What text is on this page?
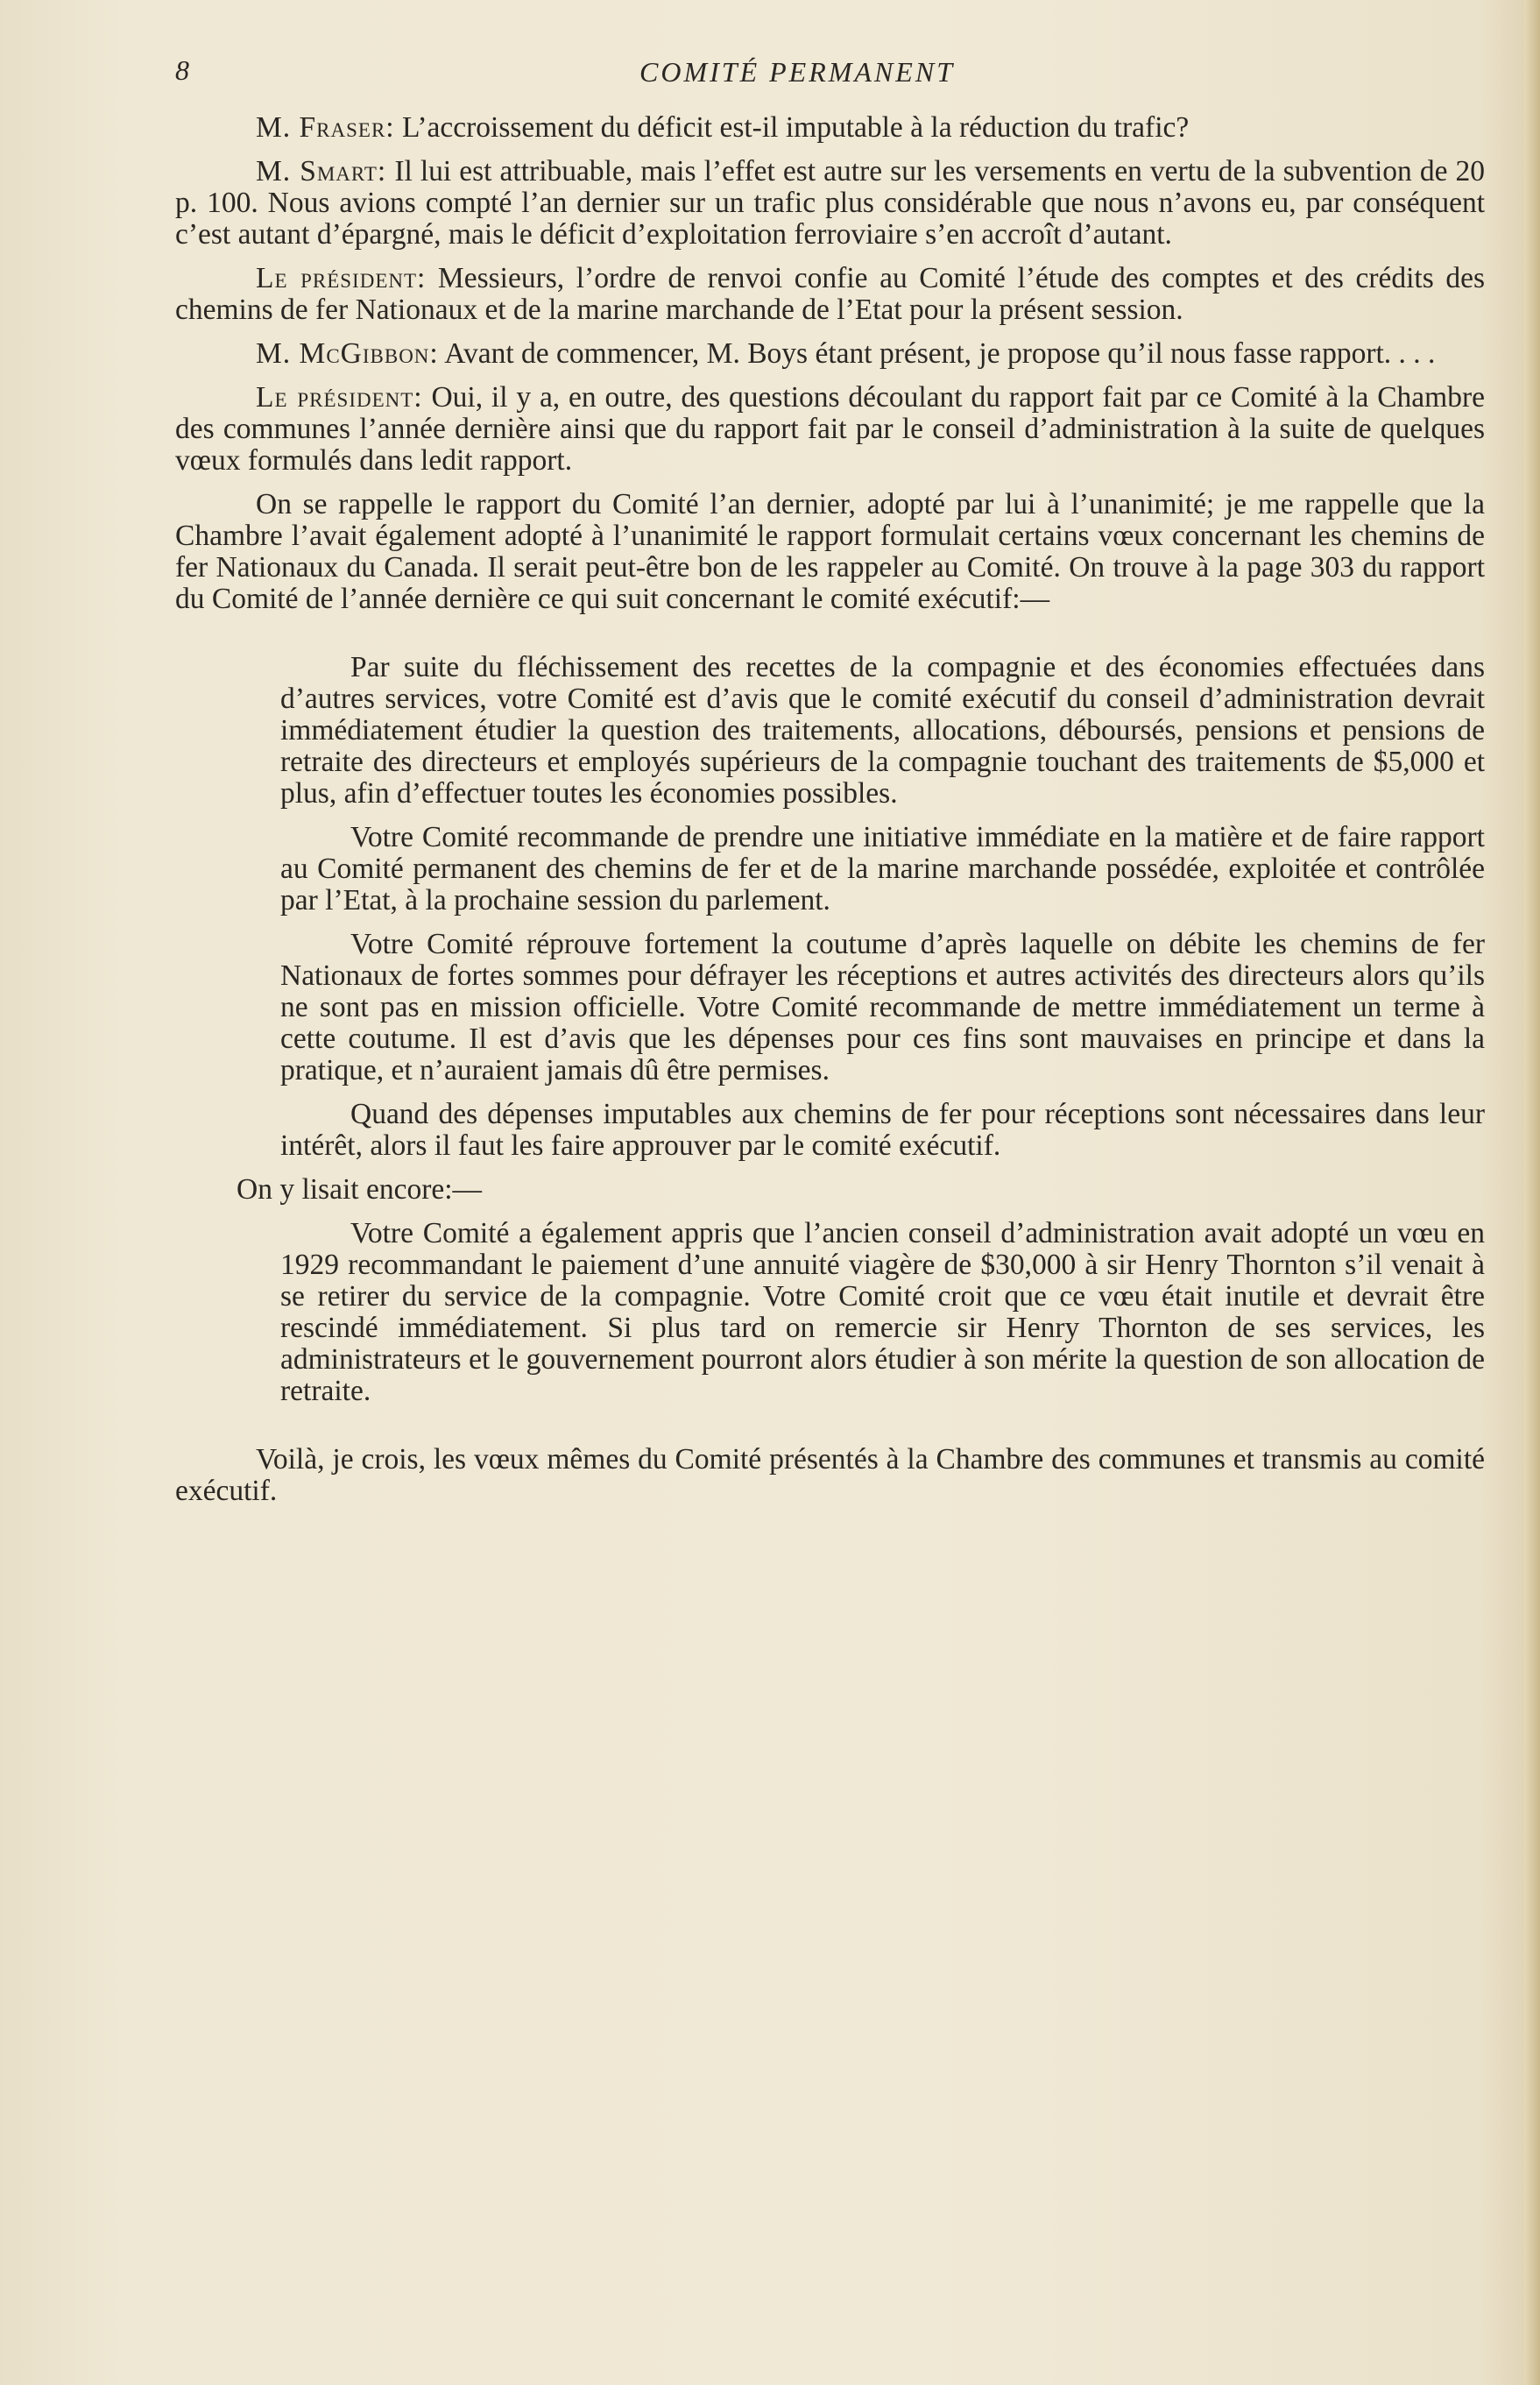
8	COMITÉ PERMANENT

M. Fraser: L’accroissement du déficit est-il imputable à la réduction du trafic?

M. Smart: Il lui est attribuable, mais l’effet est autre sur les versements en vertu de la subvention de 20 p. 100. Nous avions compté l’an dernier sur un trafic plus considérable que nous n’avons eu, par conséquent c’est autant d’épargné, mais le déficit d’exploitation ferroviaire s’en accroît d’autant.

Le président: Messieurs, l’ordre de renvoi confie au Comité l’étude des comptes et des crédits des chemins de fer Nationaux et de la marine marchande de l’Etat pour la présent session.

M. McGibbon: Avant de commencer, M. Boys étant présent, je propose qu’il nous fasse rapport. . . .

Le président: Oui, il y a, en outre, des questions découlant du rapport fait par ce Comité à la Chambre des communes l’année dernière ainsi que du rapport fait par le conseil d’administration à la suite de quelques vœux formulés dans ledit rapport.

On se rappelle le rapport du Comité l’an dernier, adopté par lui à l’unanimité; je me rappelle que la Chambre l’avait également adopté à l’unanimité le rapport formulait certains vœux concernant les chemins de fer Nationaux du Canada. Il serait peut-être bon de les rappeler au Comité. On trouve à la page 303 du rapport du Comité de l’année dernière ce qui suit concernant le comité exécutif:—

Par suite du fléchissement des recettes de la compagnie et des économies effectuées dans d’autres services, votre Comité est d’avis que le comité exécutif du conseil d’administration devrait immédiatement étudier la question des traitements, allocations, déboursés, pensions et pensions de retraite des directeurs et employés supérieurs de la compagnie touchant des traitements de $5,000 et plus, afin d’effectuer toutes les économies possibles.

Votre Comité recommande de prendre une initiative immédiate en la matière et de faire rapport au Comité permanent des chemins de fer et de la marine marchande possédée, exploitée et contrôlée par l’Etat, à la prochaine session du parlement.

Votre Comité réprouve fortement la coutume d’après laquelle on débite les chemins de fer Nationaux de fortes sommes pour défrayer les réceptions et autres activités des directeurs alors qu’ils ne sont pas en mission officielle. Votre Comité recommande de mettre immédiatement un terme à cette coutume. Il est d’avis que les dépenses pour ces fins sont mauvaises en principe et dans la pratique, et n’auraient jamais dû être permises.

Quand des dépenses imputables aux chemins de fer pour réceptions sont nécessaires dans leur intérêt, alors il faut les faire approuver par le comité exécutif.

On y lisait encore:—

Votre Comité a également appris que l’ancien conseil d’administration avait adopté un vœu en 1929 recommandant le paiement d’une annuité viagère de $30,000 à sir Henry Thornton s’il venait à se retirer du service de la compagnie. Votre Comité croit que ce vœu était inutile et devrait être rescindé immédiatement. Si plus tard on remercie sir Henry Thornton de ses services, les administrateurs et le gouvernement pourront alors étudier à son mérite la question de son allocation de retraite.

Voilà, je crois, les vœux mêmes du Comité présentés à la Chambre des communes et transmis au comité exécutif.
